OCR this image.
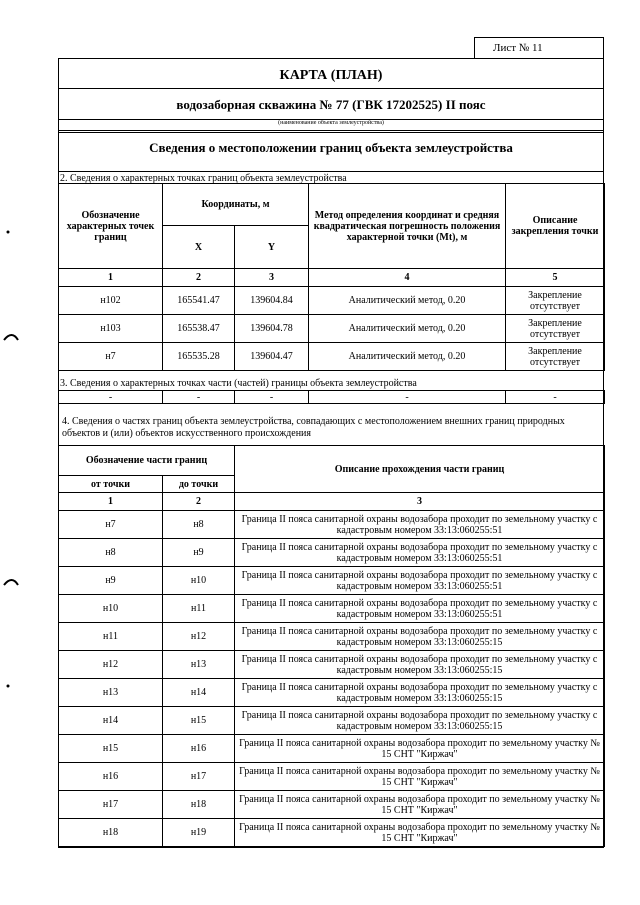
Лист № 11
КАРТА (ПЛАН)
водозаборная скважина № 77 (ГВК 17202525) II пояс
(наименование объекта землеустройства)
Сведения о местоположении границ объекта землеустройства
2. Сведения о характерных точках границ объекта землеустройства
Обозначение характерных точек границ	Координаты, м		Метод определения координат и средняя квадратическая погрешность положения характерной точки (Mt), м	Описание закрепления точки
	X	Y		
1	2	3	4	5
н102	165541.47	139604.84	Аналитический метод, 0.20	Закрепление отсутствует
н103	165538.47	139604.78	Аналитический метод, 0.20	Закрепление отсутствует
н7	165535.28	139604.47	Аналитический метод, 0.20	Закрепление отсутствует
3. Сведения о характерных точках части (частей) границы объекта землеустройства
-	-	-	-	-
4. Сведения о частях границ объекта землеустройства, совпадающих с местоположением внешних границ природных объектов и (или) объектов искусственного происхождения
Обозначение части границ		Описание прохождения части границ
от точки	до точки	
1	2	3
н7	н8	Граница II пояса санитарной охраны водозабора проходит по земельному участку с кадастровым номером 33:13:060255:51
н8	н9	Граница II пояса санитарной охраны водозабора проходит по земельному участку с кадастровым номером 33:13:060255:51
н9	н10	Граница II пояса санитарной охраны водозабора проходит по земельному участку с кадастровым номером 33:13:060255:51
н10	н11	Граница II пояса санитарной охраны водозабора проходит по земельному участку с кадастровым номером 33:13:060255:51
н11	н12	Граница II пояса санитарной охраны водозабора проходит по земельному участку с кадастровым номером 33:13:060255:15
н12	н13	Граница II пояса санитарной охраны водозабора проходит по земельному участку с кадастровым номером 33:13:060255:15
н13	н14	Граница II пояса санитарной охраны водозабора проходит по земельному участку с кадастровым номером 33:13:060255:15
н14	н15	Граница II пояса санитарной охраны водозабора проходит по земельному участку с кадастровым номером 33:13:060255:15
н15	н16	Граница II пояса санитарной охраны водозабора проходит по земельному участку № 15 СНТ "Киржач"
н16	н17	Граница II пояса санитарной охраны водозабора проходит по земельному участку № 15 СНТ "Киржач"
н17	н18	Граница II пояса санитарной охраны водозабора проходит по земельному участку № 15 СНТ "Киржач"
н18	н19	Граница II пояса санитарной охраны водозабора проходит по земельному участку № 15 СНТ "Киржач"
